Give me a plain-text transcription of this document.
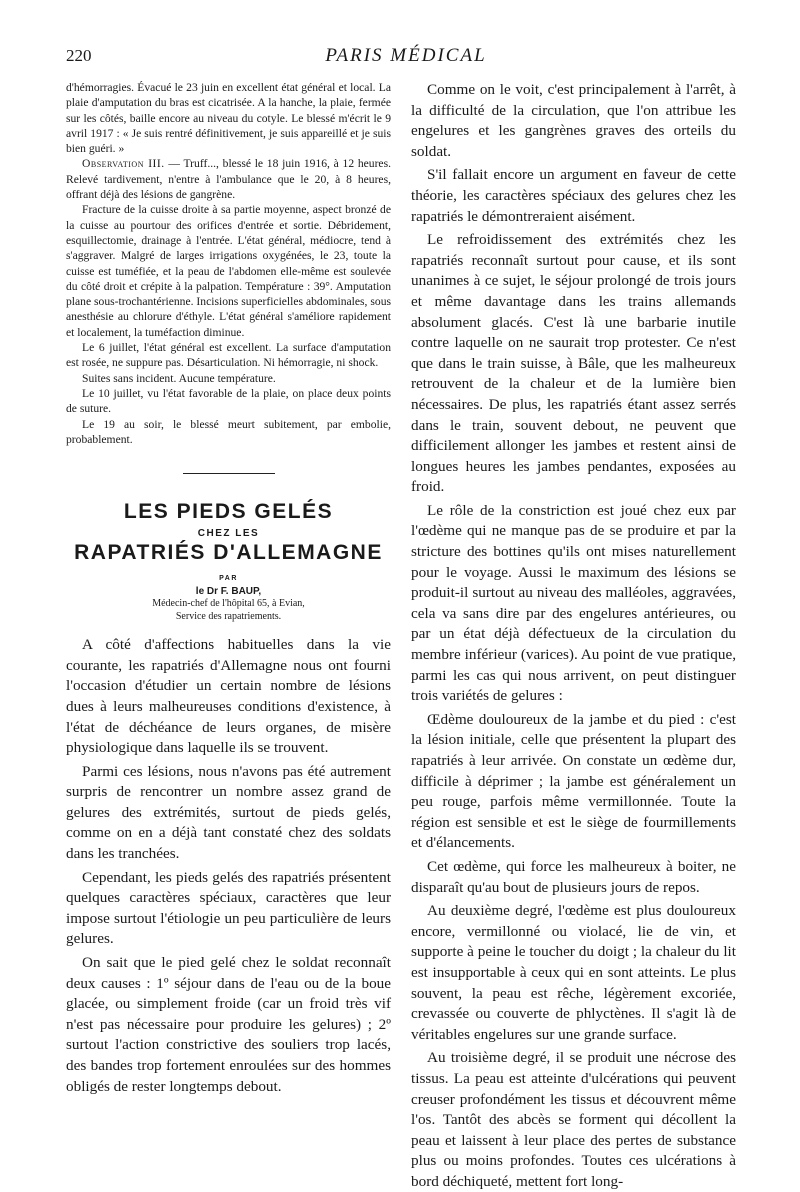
220	PARIS MÉDICAL

d'hémorragies. Évacué le 23 juin en excellent état général et local. La plaie d'amputation du bras est cicatrisée. A la hanche, la plaie, fermée sur les côtés, baille encore au niveau du cotyle. Le blessé m'écrit le 9 avril 1917 : « Je suis rentré définitivement, je suis appareillé et je suis bien guéri. »

Observation III. — Truff..., blessé le 18 juin 1916, à 12 heures. Relevé tardivement, n'entre à l'ambulance que le 20, à 8 heures, offrant déjà des lésions de gangrène.

Fracture de la cuisse droite à sa partie moyenne, aspect bronzé de la cuisse au pourtour des orifices d'entrée et sortie. Débridement, esquillectomie, drainage à l'entrée. L'état général, médiocre, tend à s'aggraver. Malgré de larges irrigations oxygénées, le 23, toute la cuisse est tuméfiée, et la peau de l'abdomen elle-même est soulevée du côté droit et crépite à la palpation. Température : 39°. Amputation plane sous-trochantérienne. Incisions superficielles abdominales, sous anesthésie au chlorure d'éthyle. L'état général s'améliore rapidement et localement, la tuméfaction diminue.

Le 6 juillet, l'état général est excellent. La surface d'amputation est rosée, ne suppure pas. Désarticulation. Ni hémorragie, ni shock.

Suites sans incident. Aucune température.

Le 10 juillet, vu l'état favorable de la plaie, on place deux points de suture.

Le 19 au soir, le blessé meurt subitement, par embolie, probablement.

LES PIEDS GELÉS

CHEZ LES

RAPATRIÉS D'ALLEMAGNE

PAR

le Dr F. BAUP,

Médecin-chef de l'hôpital 65, à Evian,

Service des rapatriements.

A côté d'affections habituelles dans la vie courante, les rapatriés d'Allemagne nous ont fourni l'occasion d'étudier un certain nombre de lésions dues à leurs malheureuses conditions d'existence, à l'état de déchéance de leurs organes, de misère physiologique dans laquelle ils se trouvent.

Parmi ces lésions, nous n'avons pas été autrement surpris de rencontrer un nombre assez grand de gelures des extrémités, surtout de pieds gelés, comme on en a déjà tant constaté chez des soldats dans les tranchées.

Cependant, les pieds gelés des rapatriés présentent quelques caractères spéciaux, caractères que leur impose surtout l'étiologie un peu particulière de leurs gelures.

On sait que le pied gelé chez le soldat reconnaît deux causes : 1º séjour dans de l'eau ou de la boue glacée, ou simplement froide (car un froid très vif n'est pas nécessaire pour produire les gelures) ; 2º surtout l'action constrictive des souliers trop lacés, des bandes trop fortement enroulées sur des hommes obligés de rester longtemps debout.

Comme on le voit, c'est principalement à l'arrêt, à la difficulté de la circulation, que l'on attribue les engelures et les gangrènes graves des orteils du soldat.

S'il fallait encore un argument en faveur de cette théorie, les caractères spéciaux des gelures chez les rapatriés le démontreraient aisément.

Le refroidissement des extrémités chez les rapatriés reconnaît surtout pour cause, et ils sont unanimes à ce sujet, le séjour prolongé de trois jours et même davantage dans les trains allemands absolument glacés. C'est là une barbarie inutile contre laquelle on ne saurait trop protester. Ce n'est que dans le train suisse, à Bâle, que les malheureux retrouvent de la chaleur et de la lumière bien nécessaires. De plus, les rapatriés étant assez serrés dans le train, souvent debout, ne peuvent que difficilement allonger les jambes et restent ainsi de longues heures les jambes pendantes, exposées au froid.

Le rôle de la constriction est joué chez eux par l'œdème qui ne manque pas de se produire et par la stricture des bottines qu'ils ont mises naturellement pour le voyage. Aussi le maximum des lésions se produit-il surtout au niveau des malléoles, aggravées, cela va sans dire par des engelures antérieures, ou par un état déjà défectueux de la circulation du membre inférieur (varices). Au point de vue pratique, parmi les cas qui nous arrivent, on peut distinguer trois variétés de gelures :

Œdème douloureux de la jambe et du pied : c'est la lésion initiale, celle que présentent la plupart des rapatriés à leur arrivée. On constate un œdème dur, difficile à déprimer ; la jambe est généralement un peu rouge, parfois même vermillonnée. Toute la région est sensible et est le siège de fourmillements et d'élancements.

Cet œdème, qui force les malheureux à boiter, ne disparaît qu'au bout de plusieurs jours de repos.

Au deuxième degré, l'œdème est plus douloureux encore, vermillonné ou violacé, lie de vin, et supporte à peine le toucher du doigt ; la chaleur du lit est insupportable à ceux qui en sont atteints. Le plus souvent, la peau est rêche, légèrement excoriée, crevassée ou couverte de phlyctènes. Il s'agit là de véritables engelures sur une grande surface.

Au troisième degré, il se produit une nécrose des tissus. La peau est atteinte d'ulcérations qui peuvent creuser profondément les tissus et découvrent même l'os. Tantôt des abcès se forment qui décollent la peau et laissent à leur place des pertes de substance plus ou moins profondes. Toutes ces ulcérations à bord déchiqueté, mettent fort long-
